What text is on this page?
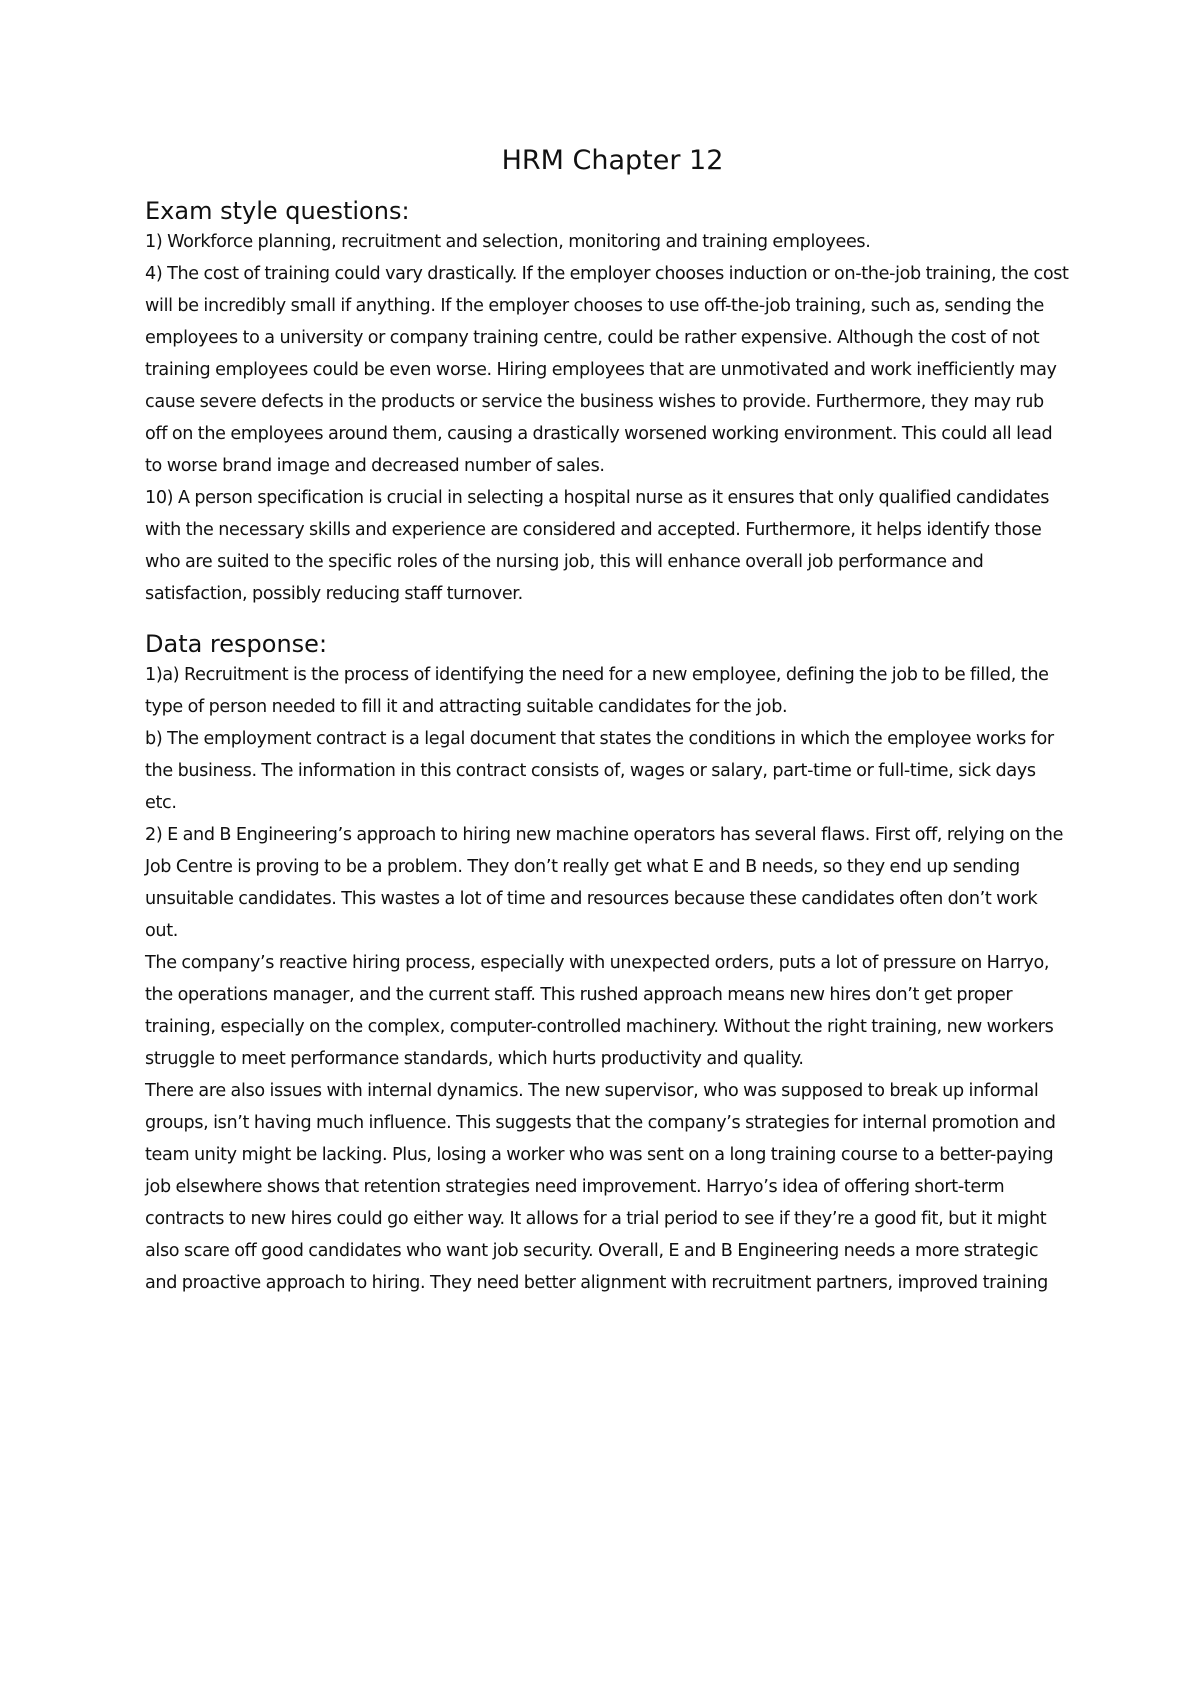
HRM Chapter 12
Exam style questions:

1) Workforce planning, recruitment and selection, monitoring and training employees.

4) The cost of training could vary drastically. If the employer chooses induction or on-the-job training, the cost will be incredibly small if anything. If the employer chooses to use off-the-job training, such as, sending the employees to a university or company training centre, could be rather expensive. Although the cost of not training employees could be even worse. Hiring employees that are unmotivated and work inefficiently may cause severe defects in the products or service the business wishes to provide. Furthermore, they may rub off on the employees around them, causing a drastically worsened working environment. This could all lead to worse brand image and decreased number of sales.

10) A person specification is crucial in selecting a hospital nurse as it ensures that only qualified candidates with the necessary skills and experience are considered and accepted. Furthermore, it helps identify those who are suited to the specific roles of the nursing job, this will enhance overall job performance and satisfaction, possibly reducing staff turnover.

Data response:

1)a) Recruitment is the process of identifying the need for a new employee, defining the job to be filled, the type of person needed to fill it and attracting suitable candidates for the job.

b) The employment contract is a legal document that states the conditions in which the employee works for the business. The information in this contract consists of, wages or salary, part-time or full-time, sick days etc.

2) E and B Engineering’s approach to hiring new machine operators has several flaws. First off, relying on the Job Centre is proving to be a problem. They don’t really get what E and B needs, so they end up sending unsuitable candidates. This wastes a lot of time and resources because these candidates often don’t work out.

The company’s reactive hiring process, especially with unexpected orders, puts a lot of pressure on Harryo, the operations manager, and the current staff. This rushed approach means new hires don’t get proper training, especially on the complex, computer-controlled machinery. Without the right training, new workers struggle to meet performance standards, which hurts productivity and quality.

There are also issues with internal dynamics. The new supervisor, who was supposed to break up informal groups, isn’t having much influence. This suggests that the company’s strategies for internal promotion and team unity might be lacking. Plus, losing a worker who was sent on a long training course to a better-paying job elsewhere shows that retention strategies need improvement. Harryo’s idea of offering short-term contracts to new hires could go either way. It allows for a trial period to see if they’re a good fit, but it might also scare off good candidates who want job security. Overall, E and B Engineering needs a more strategic and proactive approach to hiring. They need better alignment with recruitment partners, improved training
